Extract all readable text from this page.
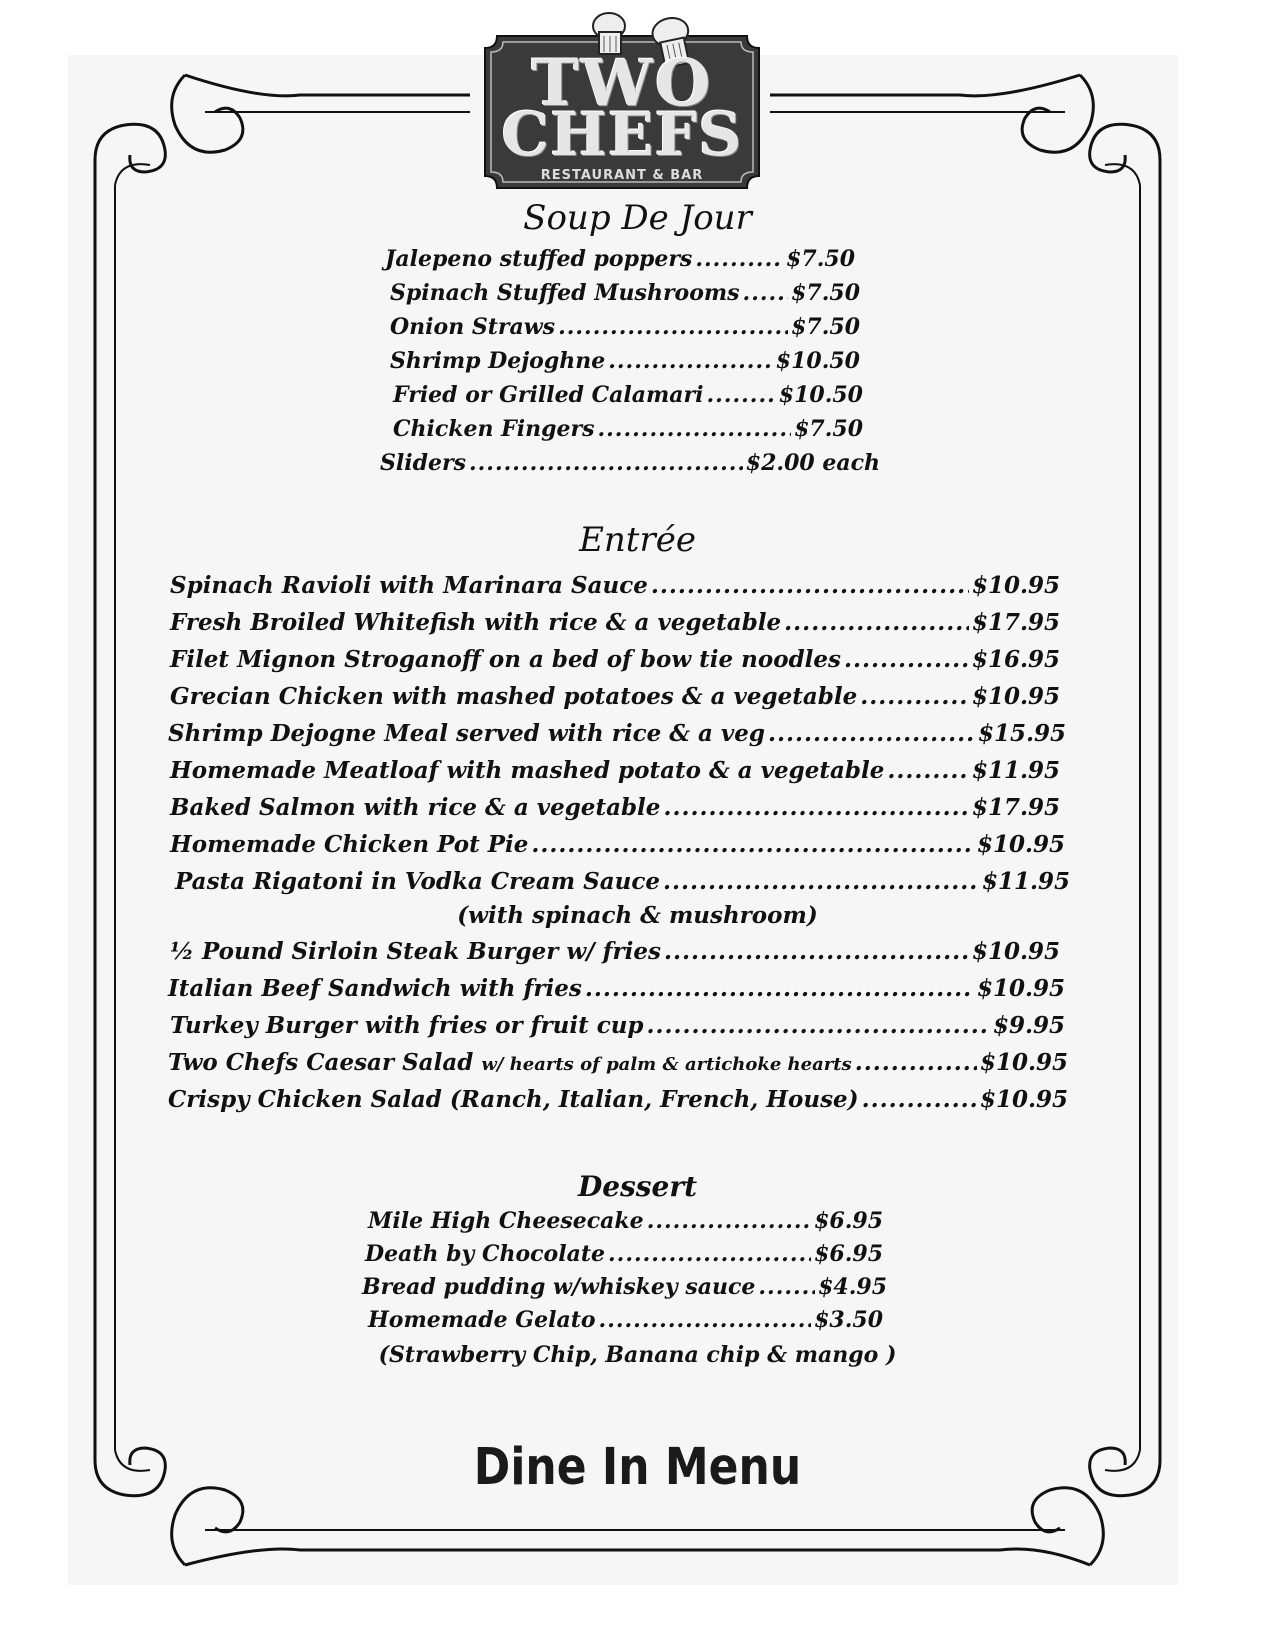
TWO
CHEFS
RESTAURANT & BAR
Soup De Jour
Jalepeno stuffed poppers .....	$7.50
Spinach Stuffed Mushrooms ..... $7.50
Onion Straws .....	$7.50
Shrimp Dejoghne .....	$10.50
Fried or Grilled Calamari .....	$10.50
Chicken Fingers .....	$7.50
Sliders .....	$2.00 each
Entrée
Spinach Ravioli with Marinara Sauce .....	$10.95
Fresh Broiled Whitefish with rice & a vegetable .....	$17.95
Filet Mignon Stroganoff on a bed of bow tie noodles .....	$16.95
Grecian Chicken with mashed potatoes & a vegetable .....	$10.95
Shrimp Dejogne Meal served with rice & a veg .....	$15.95
Homemade Meatloaf with mashed potato & a vegetable .....	$11.95
Baked Salmon with rice & a vegetable .....	$17.95
Homemade Chicken Pot Pie .....	$10.95
Pasta Rigatoni in Vodka Cream Sauce .....	$11.95
(with spinach & mushroom)
½ Pound Sirloin Steak Burger w/ fries .....	$10.95
Italian Beef Sandwich with fries .....	$10.95
Turkey Burger with fries or fruit cup .....	$9.95
Two Chefs Caesar Salad w/ hearts of palm & artichoke hearts .....	$10.95
Crispy Chicken Salad (Ranch, Italian, French, House) .....	$10.95
Dessert
Mile High Cheesecake .....	$6.95
Death by Chocolate .....	$6.95
Bread pudding w/whiskey sauce .....	$4.95
Homemade Gelato .....	$3.50
(Strawberry Chip, Banana chip & mango )
Dine In Menu
